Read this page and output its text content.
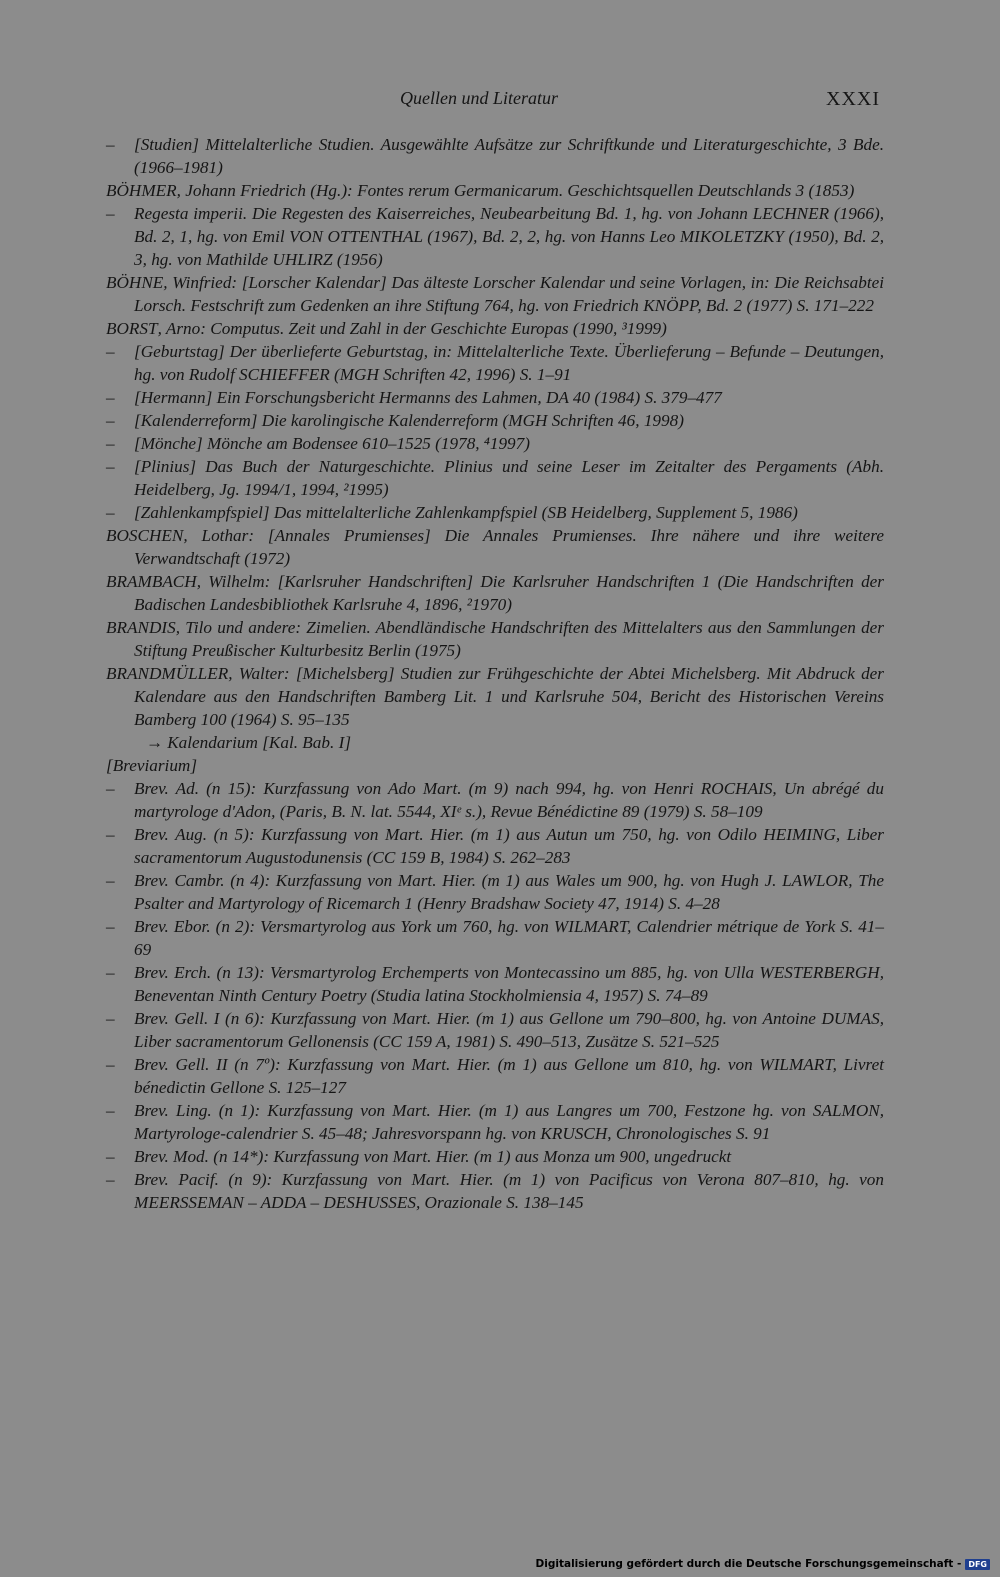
Quellen und Literatur	XXXI
–	[Studien] Mittelalterliche Studien. Ausgewählte Aufsätze zur Schriftkunde und Literaturgeschichte, 3 Bde. (1966–1981)
BÖHMER, Johann Friedrich (Hg.): Fontes rerum Germanicarum. Geschichtsquellen Deutschlands 3 (1853)
–	Regesta imperii. Die Regesten des Kaiserreiches, Neubearbeitung Bd. 1, hg. von Johann LECHNER (1966), Bd. 2, 1, hg. von Emil VON OTTENTHAL (1967), Bd. 2, 2, hg. von Hanns Leo MIKOLETZKY (1950), Bd. 2, 3, hg. von Mathilde UHLIRZ (1956)
BÖHNE, Winfried: [Lorscher Kalendar] Das älteste Lorscher Kalendar und seine Vorlagen, in: Die Reichsabtei Lorsch. Festschrift zum Gedenken an ihre Stiftung 764, hg. von Friedrich KNÖPP, Bd. 2 (1977) S. 171–222
BORST, Arno: Computus. Zeit und Zahl in der Geschichte Europas (1990, ³1999)
–	[Geburtstag] Der überlieferte Geburtstag, in: Mittelalterliche Texte. Überlieferung – Befunde – Deutungen, hg. von Rudolf SCHIEFFER (MGH Schriften 42, 1996) S. 1–91
–	[Hermann] Ein Forschungsbericht Hermanns des Lahmen, DA 40 (1984) S. 379–477
–	[Kalenderreform] Die karolingische Kalenderreform (MGH Schriften 46, 1998)
–	[Mönche] Mönche am Bodensee 610–1525 (1978, ⁴1997)
–	[Plinius] Das Buch der Naturgeschichte. Plinius und seine Leser im Zeitalter des Pergaments (Abh. Heidelberg, Jg. 1994/1, 1994, ²1995)
–	[Zahlenkampfspiel] Das mittelalterliche Zahlenkampfspiel (SB Heidelberg, Supplement 5, 1986)
BOSCHEN, Lothar: [Annales Prumienses] Die Annales Prumienses. Ihre nähere und ihre weitere Verwandtschaft (1972)
BRAMBACH, Wilhelm: [Karlsruher Handschriften] Die Karlsruher Handschriften 1 (Die Handschriften der Badischen Landesbibliothek Karlsruhe 4, 1896, ²1970)
BRANDIS, Tilo und andere: Zimelien. Abendländische Handschriften des Mittelalters aus den Sammlungen der Stiftung Preußischer Kulturbesitz Berlin (1975)
BRANDMÜLLER, Walter: [Michelsberg] Studien zur Frühgeschichte der Abtei Michelsberg. Mit Abdruck der Kalendare aus den Handschriften Bamberg Lit. 1 und Karlsruhe 504, Bericht des Historischen Vereins Bamberg 100 (1964) S. 95–135
→ Kalendarium [Kal. Bab. I]
[Breviarium]
–	Brev. Ad. (n 15): Kurzfassung von Ado Mart. (m 9) nach 994, hg. von Henri ROCHAIS, Un abrégé du martyrologe d'Adon, (Paris, B. N. lat. 5544, XIᵉ s.), Revue Bénédictine 89 (1979) S. 58–109
–	Brev. Aug. (n 5): Kurzfassung von Mart. Hier. (m 1) aus Autun um 750, hg. von Odilo HEIMING, Liber sacramentorum Augustodunensis (CC 159 B, 1984) S. 262–283
–	Brev. Cambr. (n 4): Kurzfassung von Mart. Hier. (m 1) aus Wales um 900, hg. von Hugh J. LAWLOR, The Psalter and Martyrology of Ricemarch 1 (Henry Bradshaw Society 47, 1914) S. 4–28
–	Brev. Ebor. (n 2): Versmartyrolog aus York um 760, hg. von WILMART, Calendrier métrique de York S. 41–69
–	Brev. Erch. (n 13): Versmartyrolog Erchemperts von Montecassino um 885, hg. von Ulla WESTERBERGH, Beneventan Ninth Century Poetry (Studia latina Stockholmiensia 4, 1957) S. 74–89
–	Brev. Gell. I (n 6): Kurzfassung von Mart. Hier. (m 1) aus Gellone um 790–800, hg. von Antoine DUMAS, Liber sacramentorum Gellonensis (CC 159 A, 1981) S. 490–513, Zusätze S. 521–525
–	Brev. Gell. II (n 7º): Kurzfassung von Mart. Hier. (m 1) aus Gellone um 810, hg. von WILMART, Livret bénedictin Gellone S. 125–127
–	Brev. Ling. (n 1): Kurzfassung von Mart. Hier. (m 1) aus Langres um 700, Festzone hg. von SALMON, Martyrologe-calendrier S. 45–48; Jahresvorspann hg. von KRUSCH, Chronologisches S. 91
–	Brev. Mod. (n 14*): Kurzfassung von Mart. Hier. (m 1) aus Monza um 900, ungedruckt
–	Brev. Pacif. (n 9): Kurzfassung von Mart. Hier. (m 1) von Pacificus von Verona 807–810, hg. von MEERSSEMAN – ADDA – DESHUSSES, Orazionale S. 138–145
Digitalisierung gefördert durch die Deutsche Forschungsgemeinschaft - DFG
